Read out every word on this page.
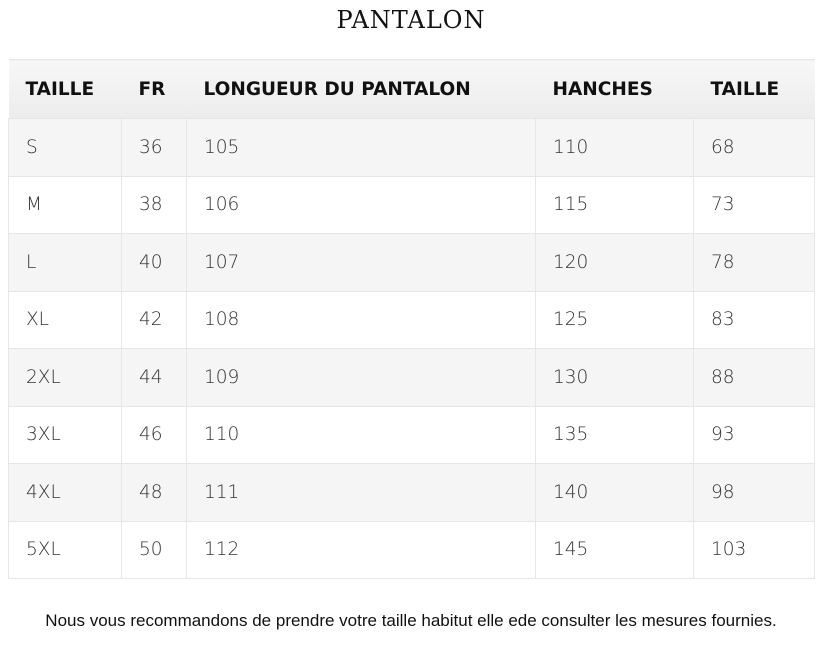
PANTALON
TAILLE	FR	LONGUEUR DU PANTALON	HANCHES	TAILLE
S	36	105	110	68
M	38	106	115	73
L	40	107	120	78
XL	42	108	125	83
2XL	44	109	130	88
3XL	46	110	135	93
4XL	48	111	140	98
5XL	50	112	145	103
Nous vous recommandons de prendre votre taille habitut elle ede consulter les mesures fournies.
